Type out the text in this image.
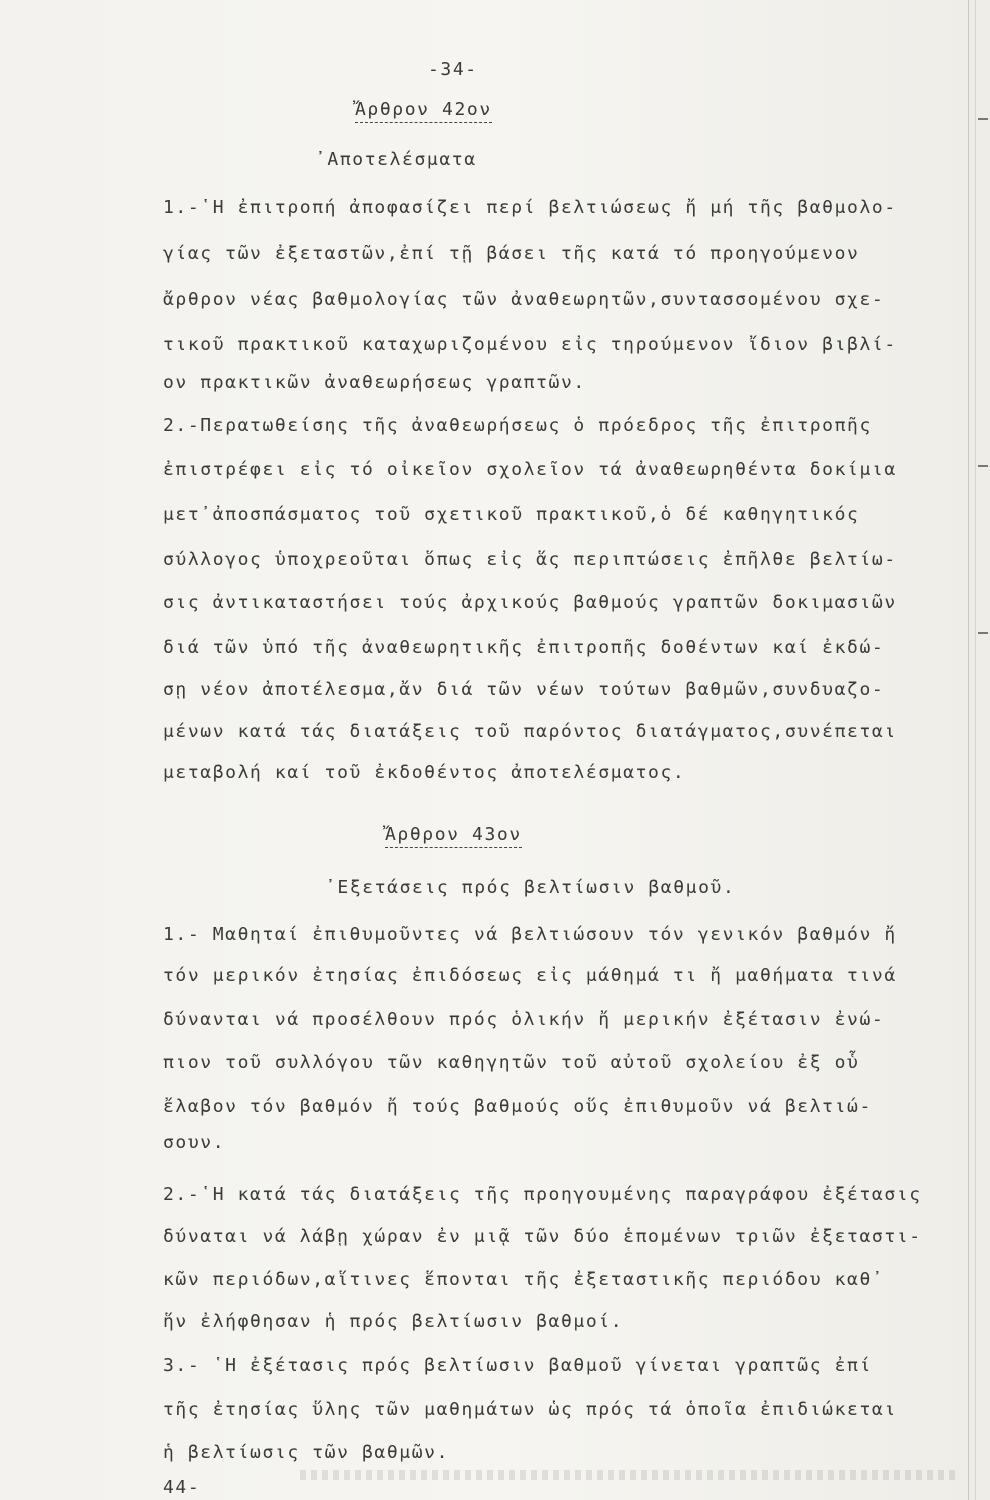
-34-
Ἄρθρον 42ον
᾿Αποτελέσματα
1.-῾Η ἐπιτροπή ἀποφασίζει περί βελτιώσεως ἤ μή τῆς βαθμολο-
γίας τῶν ἐξεταστῶν,ἐπί τῇ βάσει τῆς κατά τό προηγούμενον
ἄρθρον νέας βαθμολογίας τῶν ἀναθεωρητῶν,συντασσομένου σχε-
τικοῦ πρακτικοῦ καταχωριζομένου εἰς τηρούμενον ἴδιον βιβλί-
ον πρακτικῶν ἀναθεωρήσεως γραπτῶν.
2.-Περατωθείσης τῆς ἀναθεωρήσεως ὁ πρόεδρος τῆς ἐπιτροπῆς
ἐπιστρέφει εἰς τό οἰκεῖον σχολεῖον τά ἀναθεωρηθέντα δοκίμια
μετ᾿ἀποσπάσματος τοῦ σχετικοῦ πρακτικοῦ,ὁ δέ καθηγητικός
σύλλογος ὑποχρεοῦται ὅπως εἰς ἅς περιπτώσεις ἐπῆλθε βελτίω-
σις ἀντικαταστήσει τούς ἀρχικούς βαθμούς γραπτῶν δοκιμασιῶν
διά τῶν ὑπό τῆς ἀναθεωρητικῆς ἐπιτροπῆς δοθέντων καί ἐκδώ-
σῃ νέον ἀποτέλεσμα,ἄν διά τῶν νέων τούτων βαθμῶν,συνδυαζο-
μένων κατά τάς διατάξεις τοῦ παρόντος διατάγματος,συνέπεται
μεταβολή καί τοῦ ἐκδοθέντος ἀποτελέσματος.
Ἄρθρον 43ον
᾿Εξετάσεις πρός βελτίωσιν βαθμοῦ.
1.- Μαθηταί ἐπιθυμοῦντες νά βελτιώσουν τόν γενικόν βαθμόν ἤ
τόν μερικόν ἐτησίας ἐπιδόσεως εἰς μάθημά τι ἤ μαθήματα τινά
δύνανται νά προσέλθουν πρός ὁλικήν ἤ μερικήν ἐξέτασιν ἐνώ-
πιον τοῦ συλλόγου τῶν καθηγητῶν τοῦ αὐτοῦ σχολείου ἐξ οὗ
ἔλαβον τόν βαθμόν ἤ τούς βαθμούς οὕς ἐπιθυμοῦν νά βελτιώ-
σουν.
2.-῾Η κατά τάς διατάξεις τῆς προηγουμένης παραγράφου ἐξέτασις
δύναται νά λάβῃ χώραν ἐν μιᾷ τῶν δύο ἑπομένων τριῶν ἐξεταστι-
κῶν περιόδων,αἵτινες ἕπονται τῆς ἐξεταστικῆς περιόδου καθ᾿
ἥν ἐλήφθησαν ἡ πρός βελτίωσιν βαθμοί.
3.- ῾Η ἐξέτασις πρός βελτίωσιν βαθμοῦ γίνεται γραπτῶς ἐπί
τῆς ἐτησίας ὕλης τῶν μαθημάτων ὡς πρός τά ὁποῖα ἐπιδιώκεται
ἡ βελτίωσις τῶν βαθμῶν.
44-
